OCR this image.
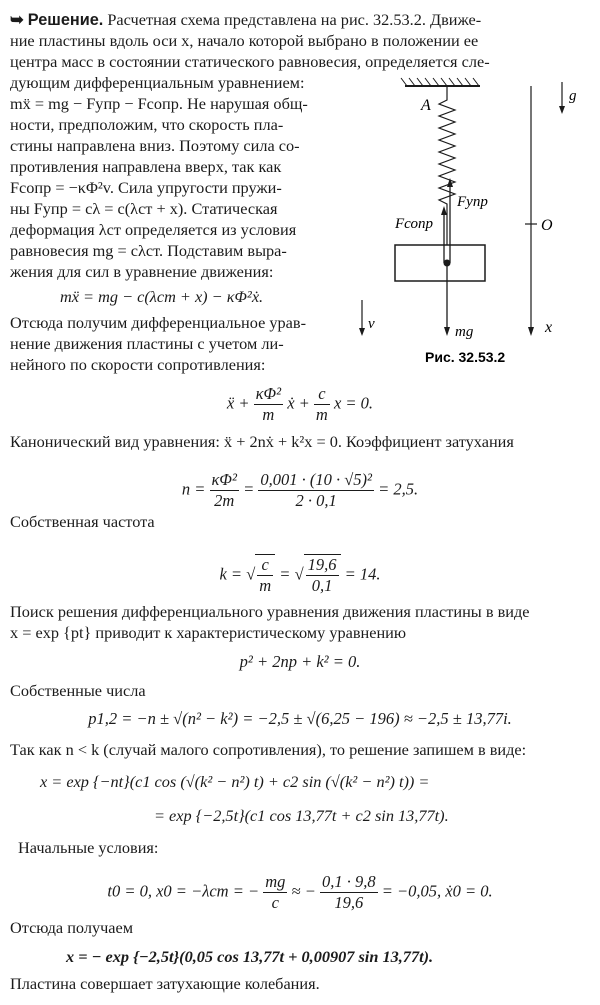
➥ Решение. Расчетная схема представлена на рис. 32.53.2. Движе-
ние пластины вдоль оси x, начало которой выбрано в положении ее
центра масс в состоянии статического равновесия, определяется сле-
дующим дифференциальным уравнением:
mẍ = mg − Fупр − Fсопр. Не нарушая общ-
ности, предположим, что скорость пла-
стины направлена вниз. Поэтому сила со-
противления направлена вверх, так как
Fсопр = −κΦ²v. Сила упругости пружи-
ны Fупр = cλ = c(λст + x). Статическая
деформация λст определяется из условия
равновесия mg = cλст. Подставим выра-
жения для сил в уравнение движения:
mẍ = mg − c(λст + x) − κΦ²ẋ.
Отсюда получим дифференциальное урав-
нение движения пластины с учетом ли-
нейного по скорости сопротивления:
A
Fупр
Fсопр
mg
O
x
g
v
Рис. 32.53.2
ẍ + $\frac{\text{κΦ²}}{m}$ ẋ + $\frac{c}{m}$ x = 0.
Канонический вид уравнения: ẍ + 2nẋ + k²x = 0. Коэффициент затухания
$n = \frac{\text{κΦ²}}{2m} = \frac{\text{0,001 · (10 · √5)²}}{2 \cdot 0,1} = 2,5$.
Собственная частота
k = √ $\frac{c}{m}$ = √ $\frac{19,6}{0,1} = 14$.
Поиск решения дифференциального уравнения движения пластины в виде
x = exp {pt} приводит к характеристическому уравнению
p² + 2np + k² = 0.
Собственные числа
p1,2 = −n ± √(n² − k²) = −2,5 ± √(6,25 − 196) ≈ −2,5 ± 13,77i.
Так как n < k (случай малого сопротивления), то решение запишем в виде:
x = exp {−nt}(c1 cos (√(k² − n²) t) + c2 sin (√(k² − n²) t)) =
= exp {−2,5t}(c1 cos 13,77t + c2 sin 13,77t).
Начальные условия:
t0 = 0, x0 = −λст = − $\frac{mg}{c}$ ≈ − $\frac{0,1 \cdot 9,8}{19,6} = -0,05$, ẋ0 = 0.
Отсюда получаем
x = − exp {−2,5t}(0,05 cos 13,77t + 0,00907 sin 13,77t).
Пластина совершает затухающие колебания.
